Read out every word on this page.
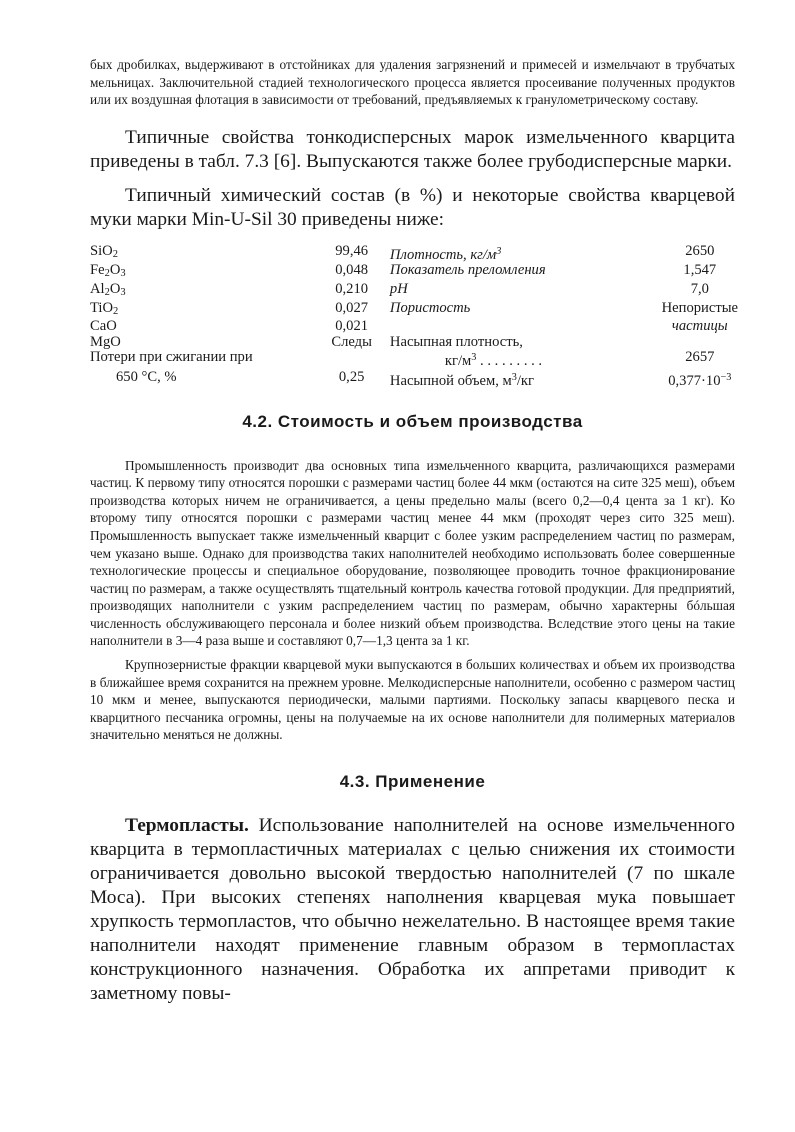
бых дробилках, выдерживают в отстойниках для удаления загрязнений и примесей и измельчают в трубчатых мельницах. Заключительной стадией технологического процесса является просеивание полученных продуктов или их воздушная флотация в зависимости от требований, предъявляемых к гранулометрическому составу.

Типичные свойства тонкодисперсных марок измельченного кварцита приведены в табл. 7.3 [6]. Выпускаются также более грубодисперсные марки.

Типичный химический состав (в %) и некоторые свойства кварцевой муки марки Min-U-Sil 30 приведены ниже:

SiO2	99,46	Плотность, $кг/м^3$	2650
Fe2O3	0,048	Показатель преломления	1,547
Al2O3	0,210	pH	7,0
TiO2	0,027	Пористость	Непористые
CaO	0,021		частицы
MgO	Следы	Насыпная плотность,	
Потери при сжигании при		$кг/м^3$ . . . . . . . . .	2657
650 °С, %	0,25	Насыпной объем, $м^3/кг$	$0,377\cdot 10^{-3}$
4.2. Стоимость и объем производства

Промышленность производит два основных типа измельченного кварцита, различающихся размерами частиц. К первому типу относятся порошки с размерами частиц более 44 мкм (остаются на сите 325 меш), объем производства которых ничем не ограничивается, а цены предельно малы (всего 0,2—0,4 цента за 1 кг). Ко второму типу относятся порошки с размерами частиц менее 44 мкм (проходят через сито 325 меш). Промышленность выпускает также измельченный кварцит с более узким распределением частиц по размерам, чем указано выше. Однако для производства таких наполнителей необходимо использовать более совершенные технологические процессы и специальное оборудование, позволяющее проводить точное фракционирование частиц по размерам, а также осуществлять тщательный контроль качества готовой продукции. Для предприятий, производящих наполнители с узким распределением частиц по размерам, обычно характерны бóльшая численность обслуживающего персонала и более низкий объем производства. Вследствие этого цены на такие наполнители в 3—4 раза выше и составляют 0,7—1,3 цента за 1 кг.

Крупнозернистые фракции кварцевой муки выпускаются в больших количествах и объем их производства в ближайшее время сохранится на прежнем уровне. Мелкодисперсные наполнители, особенно с размером частиц 10 мкм и менее, выпускаются периодически, малыми партиями. Поскольку запасы кварцевого песка и кварцитного песчаника огромны, цены на получаемые на их основе наполнители для полимерных материалов значительно меняться не должны.

4.3. Применение

Термопласты. Использование наполнителей на основе измельченного кварцита в термопластичных материалах с целью снижения их стоимости ограничивается довольно высокой твердостью наполнителей (7 по шкале Моса). При высоких степенях наполнения кварцевая мука повышает хрупкость термопластов, что обычно нежелательно. В настоящее время такие наполнители находят применение главным образом в термопластах конструкционного назначения. Обработка их аппретами приводит к заметному повы-
